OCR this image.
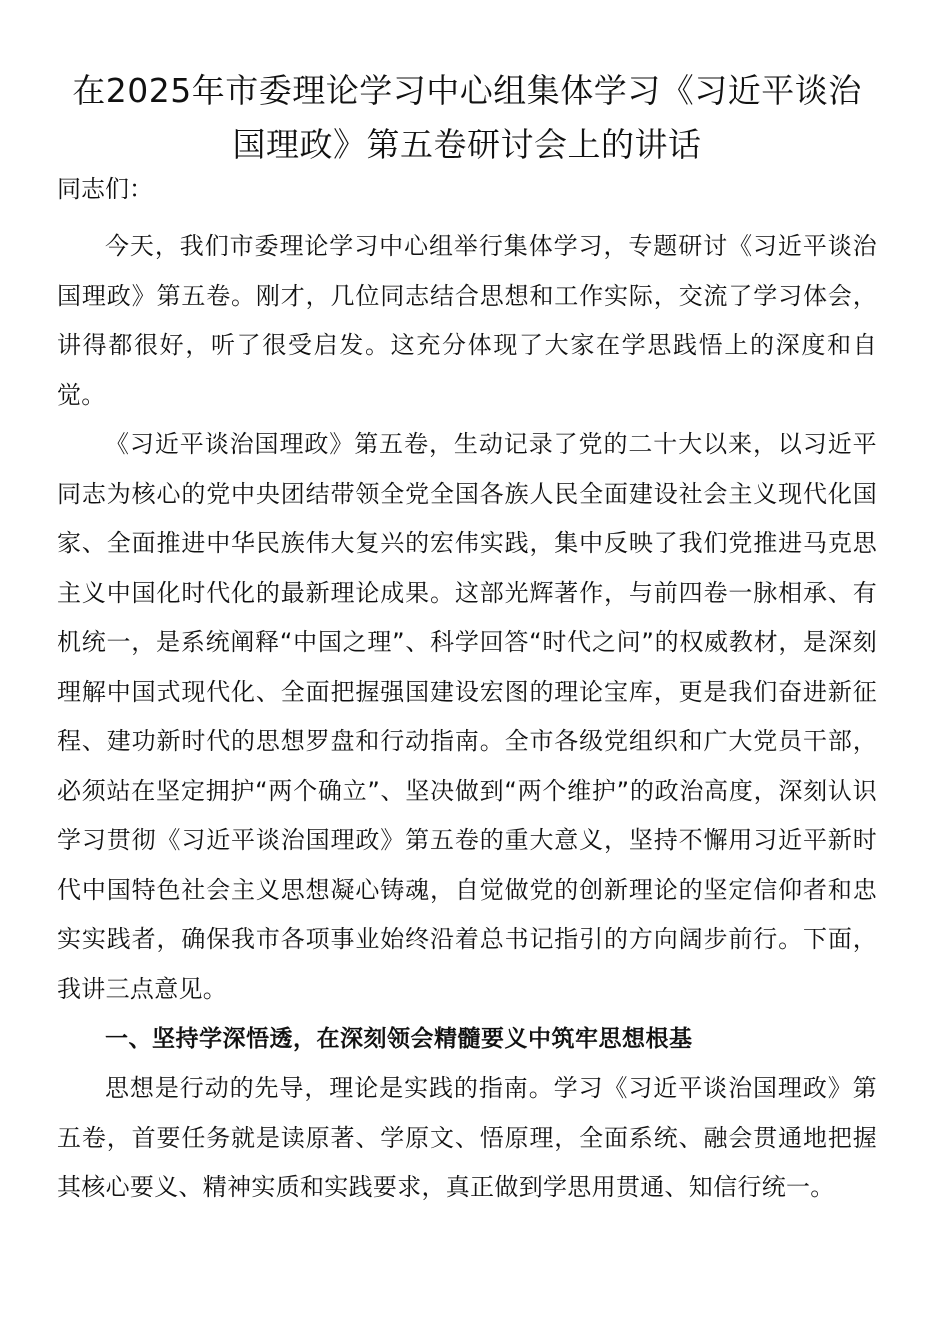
在2025年市委理论学习中心组集体学习《习近平谈治国理政》第五卷研讨会上的讲话

同志们：

今天，我们市委理论学习中心组举行集体学习，专题研讨《习近平谈治国理政》第五卷。刚才，几位同志结合思想和工作实际，交流了学习体会，讲得都很好，听了很受启发。这充分体现了大家在学思践悟上的深度和自觉。

《习近平谈治国理政》第五卷，生动记录了党的二十大以来，以习近平同志为核心的党中央团结带领全党全国各族人民全面建设社会主义现代化国家、全面推进中华民族伟大复兴的宏伟实践，集中反映了我们党推进马克思主义中国化时代化的最新理论成果。这部光辉著作，与前四卷一脉相承、有机统一，是系统阐释“中国之理”、科学回答“时代之问”的权威教材，是深刻理解中国式现代化、全面把握强国建设宏图的理论宝库，更是我们奋进新征程、建功新时代的思想罗盘和行动指南。全市各级党组织和广大党员干部，必须站在坚定拥护“两个确立”、坚决做到“两个维护”的政治高度，深刻认识学习贯彻《习近平谈治国理政》第五卷的重大意义，坚持不懈用习近平新时代中国特色社会主义思想凝心铸魂，自觉做党的创新理论的坚定信仰者和忠实实践者，确保我市各项事业始终沿着总书记指引的方向阔步前行。下面，我讲三点意见。

一、坚持学深悟透，在深刻领会精髓要义中筑牢思想根基

思想是行动的先导，理论是实践的指南。学习《习近平谈治国理政》第五卷，首要任务就是读原著、学原文、悟原理，全面系统、融会贯通地把握其核心要义、精神实质和实践要求，真正做到学思用贯通、知信行统一。
